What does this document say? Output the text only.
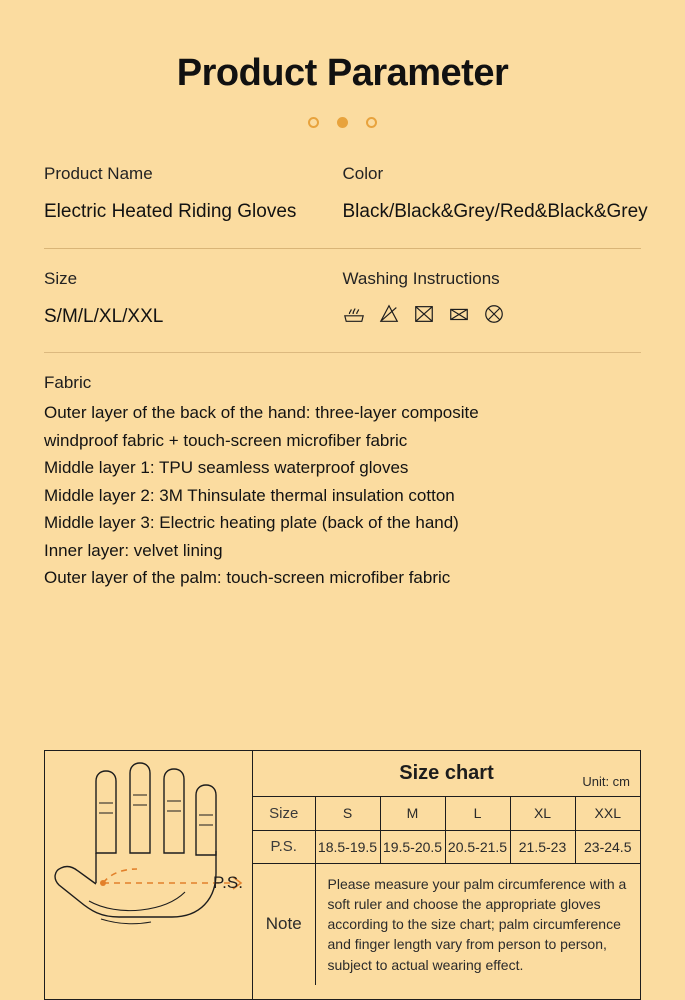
Product Parameter
Product Name
Electric Heated Riding Gloves
Color
Black/Black&Grey/Red&Black&Grey
Size
S/M/L/XL/XXL
Washing Instructions
Fabric
Outer layer of the back of the hand: three-layer composite
windproof fabric + touch-screen microfiber fabric
Middle layer 1: TPU seamless waterproof gloves
Middle layer 2: 3M Thinsulate thermal insulation cotton
Middle layer 3: Electric heating plate (back of the hand)
Inner layer: velvet lining
Outer layer of the palm: touch-screen microfiber fabric
P.S.
Size chart	Unit: cm
Size	S	M	L	XL	XXL
P.S.	18.5-19.5	19.5-20.5	20.5-21.5	21.5-23	23-24.5
Note	Please measure your palm circumference with a soft ruler and choose the appropriate gloves according to the size chart; palm circumference and finger length vary from person to person, subject to actual wearing effect.				
